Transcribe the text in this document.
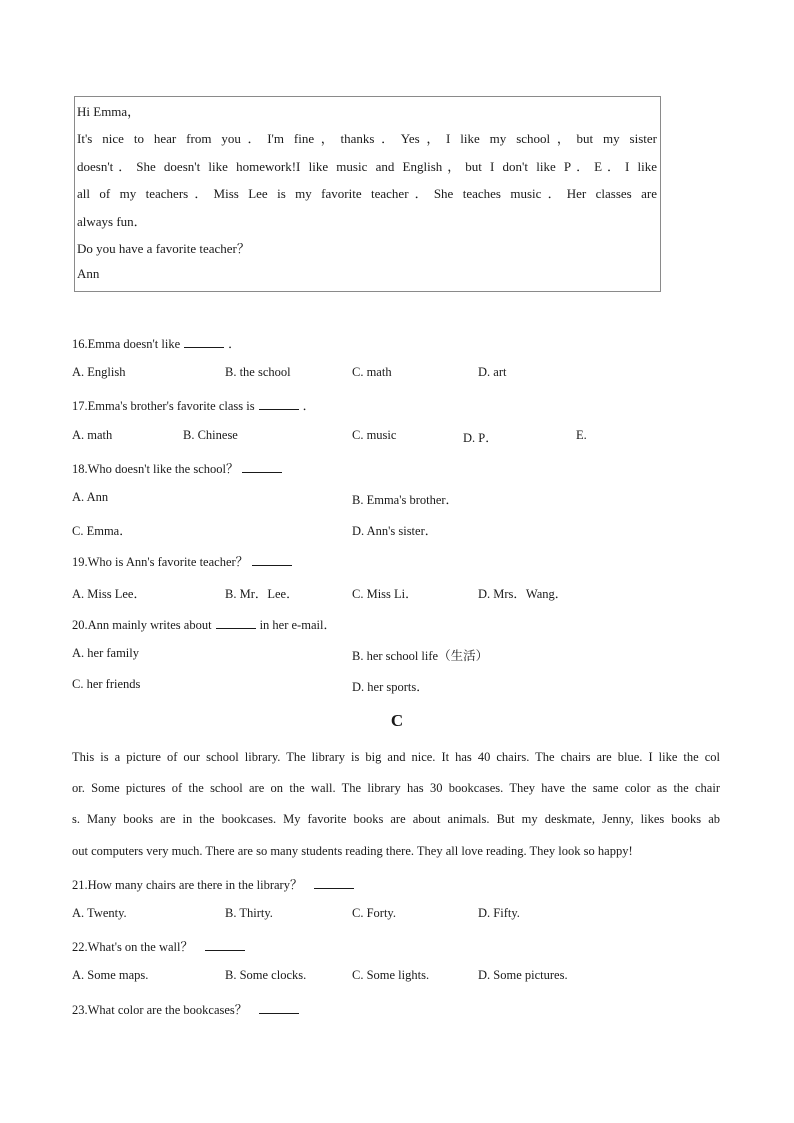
Hi Emma，
It's nice to hear from you．I'm fine，thanks．Yes，I like my school，but my sister
doesn't．She doesn't like homework!I like music and English，but I don't like P．E．I like
all of my teachers．Miss Lee is my favorite teacher．She teaches music．Her classes are
always fun．
Do you have a favorite teacher？
Ann
16.Emma doesn't like	．
A. English	B. the school	C. math	D. art
17.Emma's brother's favorite class is	．
A. math	B. Chinese	C. music	D. P．	E.
18.Who doesn't like the school？
A. Ann	B. Emma's brother．
C. Emma．	D. Ann's sister．
19.Who is Ann's favorite teacher？
A. Miss Lee．	B. Mr．Lee．	C. Miss Li．	D. Mrs．Wang．
20.Ann mainly writes about	in her e-mail．
A. her family	B. her school life（生活）
C. her friends	D. her sports．
C
This is a picture of our school library. The library is big and nice. It has 40 chairs. The chairs are blue. I like the col
or. Some pictures of the school are on the wall. The library has 30 bookcases. They have the same color as the chair
s. Many books are in the bookcases. My favorite books are about animals. But my deskmate, Jenny, likes books ab
out computers very much. There are so many students reading there. They all love reading. They look so happy!
21.How many chairs are there in the library？
A. Twenty.	B. Thirty.	C. Forty.	D. Fifty.
22.What's on the wall？
A. Some maps.	B. Some clocks.	C. Some lights.	D. Some pictures.
23.What color are the bookcases？
